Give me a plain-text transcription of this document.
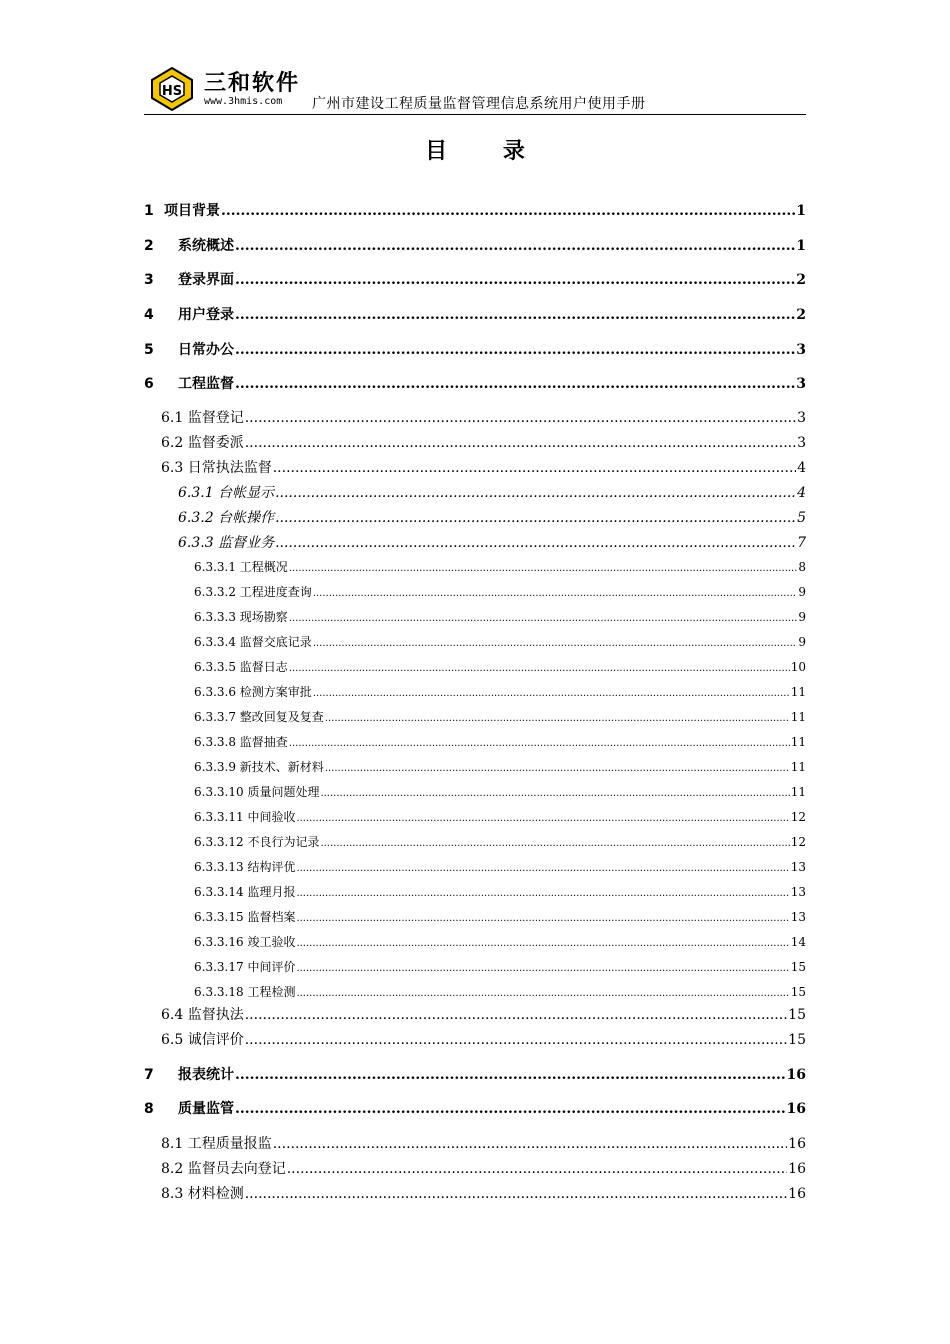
HS 三和软件
www.3hmis.com 广州市建设工程质量监督管理信息系统用户使用手册
目 录
1 项目背景 .....	1
2 系统概述 .....	1
3 登录界面 .....	2
4 用户登录 .....	2
5 日常办公 .....	3
6 工程监督 .....	3
6.1 监督登记 .....	3
6.2 监督委派 .....	3
6.3 日常执法监督 .....	4
6.3.1 台帐显示 .....	4
6.3.2 台帐操作 .....	5
6.3.3 监督业务 .....	7
6.3.3.1 工程概况 .....	8
6.3.3.2 工程进度查询 .....	9
6.3.3.3 现场勘察 .....	9
6.3.3.4 监督交底记录 .....	9
6.3.3.5 监督日志 .....	10
6.3.3.6 检测方案审批 .....	11
6.3.3.7 整改回复及复查 .....	11
6.3.3.8 监督抽查 .....	11
6.3.3.9 新技术、新材料 .....	11
6.3.3.10 质量问题处理 .....	11
6.3.3.11 中间验收 .....	12
6.3.3.12 不良行为记录 .....	12
6.3.3.13 结构评优 .....	13
6.3.3.14 监理月报 .....	13
6.3.3.15 监督档案 .....	13
6.3.3.16 竣工验收 .....	14
6.3.3.17 中间评价 .....	15
6.3.3.18 工程检测 .....	15
6.4 监督执法 .....	15
6.5 诚信评价 .....	15
7 报表统计 .....	16
8 质量监管 .....	16
8.1 工程质量报监 .....	16
8.2 监督员去向登记 .....	16
8.3 材料检测 .....	16
